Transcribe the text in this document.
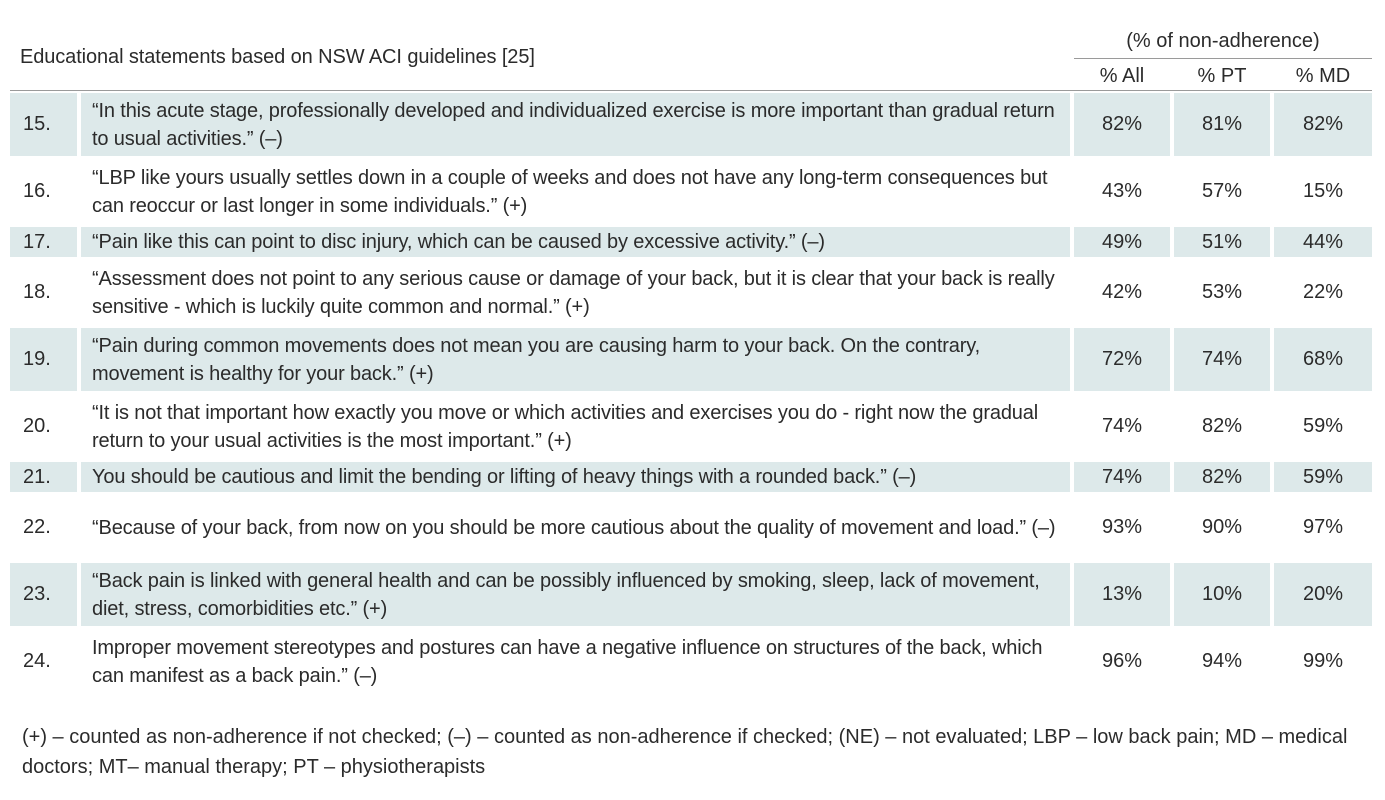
Educational statements based on NSW ACI guidelines [25]
(% of non-adherence)
% All	% PT	% MD
15.
“In this acute stage, professionally developed and individualized exercise is more important than gradual return to usual activities.” (–)
82%	81%	82%
16.
“LBP like yours usually settles down in a couple of weeks and does not have any long-term consequences but can reoccur or last longer in some individuals.” (+)
43%	57%	15%
17. “Pain like this can point to disc injury, which can be caused by excessive activity.” (–)	49%	51%	44%
18.
“Assessment does not point to any serious cause or damage of your back, but it is clear that your back is really sensitive - which is luckily quite common and normal.” (+)
42%	53%	22%
19.
“Pain during common movements does not mean you are causing harm to your back. On the contrary, movement is healthy for your back.” (+)
72%	74%	68%
20.
“It is not that important how exactly you move or which activities and exercises you do - right now the gradual return to your usual activities is the most important.” (+)
74%	82%	59%
21. You should be cautious and limit the bending or lifting of heavy things with a rounded back.” (–)	74%	82%	59%
22. “Because of your back, from now on you should be more cautious about the quality of movement and load.” (–) 93%	90%	97%
23.
“Back pain is linked with general health and can be possibly influenced by smoking, sleep, lack of movement, diet, stress, comorbidities etc.” (+)
13%	10%	20%
24.
Improper movement stereotypes and postures can have a negative influence on structures of the back, which can manifest as a back pain.” (–)
96%	94%	99%
(+) – counted as non-adherence if not checked; (–) – counted as non-adherence if checked; (NE) – not evaluated; LBP – low back pain; MD – medical doctors; MT– manual therapy; PT – physiotherapists
